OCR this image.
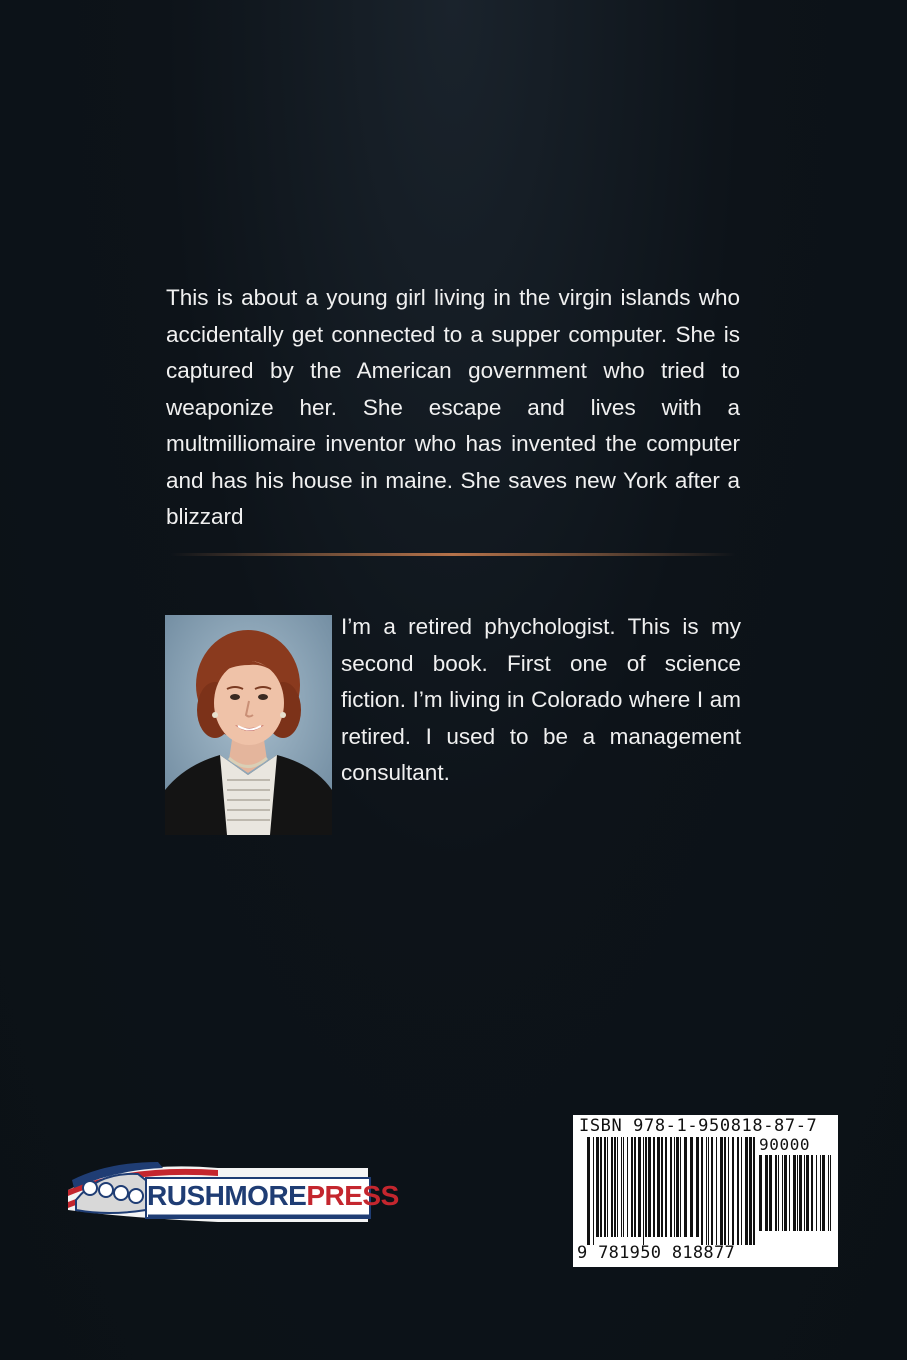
This is about a young girl living in the virgin islands who accidentally get connected to a supper computer. She is captured by the American government who tried to weaponize her. She escape and lives with a multmilliomaire inventor who has invented the computer and has his house in maine. She saves new York after a blizzard

I’m a retired phychologist. This is my second book. First one of science fiction. I’m living in Colorado where I am retired. I used to be a management consultant.

RUSHMOREPRESS
ISBN 978-1-950818-87-7
90000
9 781950 818877
